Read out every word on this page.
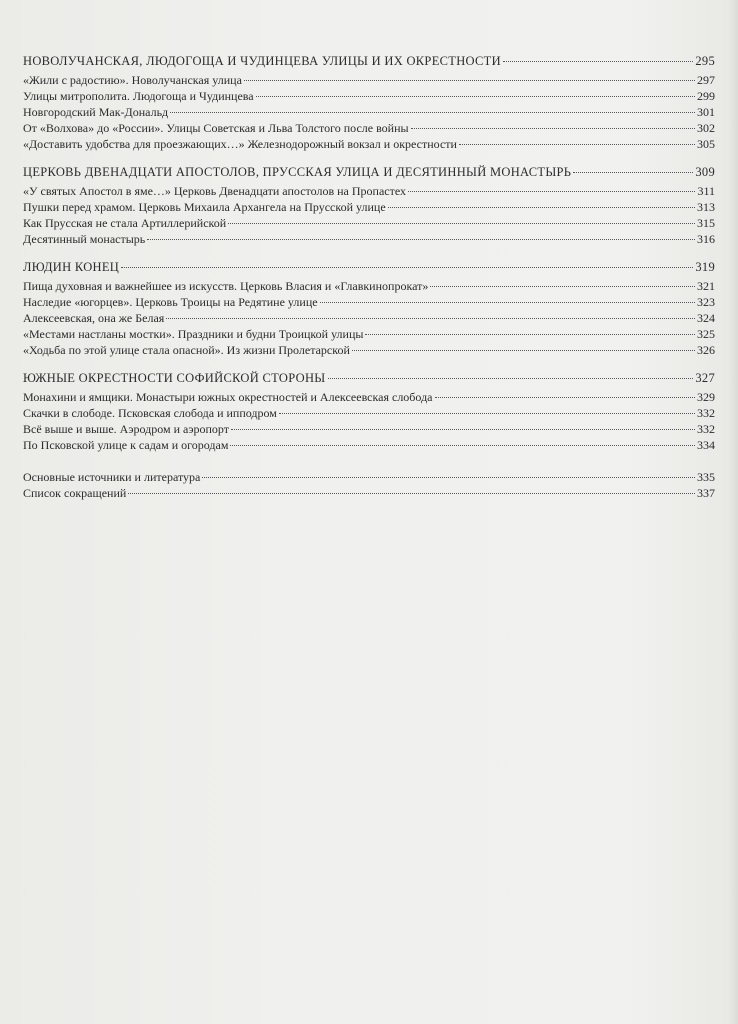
НОВОЛУЧАНСКАЯ, ЛЮДОГОЩА И ЧУДИНЦЕВА УЛИЦЫ И ИХ ОКРЕСТНОСТИ	295
«Жили с радостию». Новолучанская улица	297
Улицы митрополита. Людогоща и Чудинцева	299
Новгородский Мак-Дональд	301
От «Волхова» до «России». Улицы Советская и Льва Толстого после войны	302
«Доставить удобства для проезжающих…» Железнодорожный вокзал и окрестности	305
ЦЕРКОВЬ ДВЕНАДЦАТИ АПОСТОЛОВ, ПРУССКАЯ УЛИЦА И ДЕСЯТИННЫЙ МОНАСТЫРЬ	309
«У святых Апостол в яме…» Церковь Двенадцати апостолов на Пропастех	311
Пушки перед храмом. Церковь Михаила Архангела на Прусской улице	313
Как Прусская не стала Артиллерийской	315
Десятинный монастырь	316
ЛЮДИН КОНЕЦ	319
Пища духовная и важнейшее из искусств. Церковь Власия и «Главкинопрокат»	321
Наследие «югорцев». Церковь Троицы на Редятине улице	323
Алексеевская, она же Белая	324
«Местами настланы мостки». Праздники и будни Троицкой улицы	325
«Ходьба по этой улице стала опасной». Из жизни Пролетарской	326
ЮЖНЫЕ ОКРЕСТНОСТИ СОФИЙСКОЙ СТОРОНЫ	327
Монахини и ямщики. Монастыри южных окрестностей и Алексеевская слобода	329
Скачки в слободе. Псковская слобода и ипподром	332
Всё выше и выше. Аэродром и аэропорт	332
По Псковской улице к садам и огородам	334
Основные источники и литература	335
Список сокращений	337
